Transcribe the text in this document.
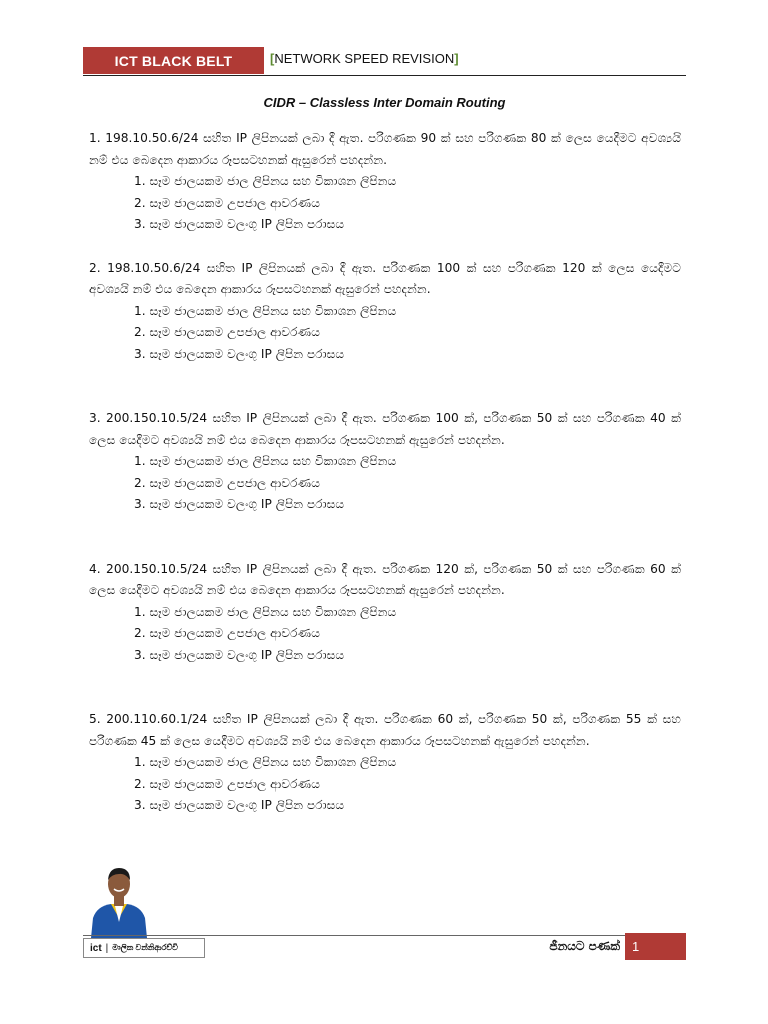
ICT BLACK BELT	[NETWORK SPEED REVISION]
CIDR – Classless Inter Domain Routing

1. 198.10.50.6/24 සහිත IP ලිපිනයක් ලබා දී ඇත. පරිගණක 90 ක් සහ පරිගණක 80 ක් ලෙස යෙදීමට අවශ්‍යයි නම් එය බෙදෙන ආකාරය රූපසටහනක් ඇසුරෙන් පහදන්න.

1. සෑම ජාලයකම ජාල ලිපිනය සහ විකාශන ලිපිනය
2. සෑම ජාලයකම උපජාල ආවරණය
3. සෑම ජාලයකම වලංගු IP ලිපින පරාසය

2. 198.10.50.6/24 සහිත IP ලිපිනයක් ලබා දී ඇත. පරිගණක 100 ක් සහ පරිගණක 120 ක් ලෙස යෙදීමට අවශ්‍යයි නම් එය බෙදෙන ආකාරය රූපසටහනක් ඇසුරෙන් පහදන්න.

1. සෑම ජාලයකම ජාල ලිපිනය සහ විකාශන ලිපිනය
2. සෑම ජාලයකම උපජාල ආවරණය
3. සෑම ජාලයකම වලංගු IP ලිපින පරාසය

3. 200.150.10.5/24 සහිත IP ලිපිනයක් ලබා දී ඇත. පරිගණක 100 ක්, පරිගණක 50 ක් සහ පරිගණක 40 ක් ලෙස යෙදීමට අවශ්‍යයි නම් එය බෙදෙන ආකාරය රූපසටහනක් ඇසුරෙන් පහදන්න.

1. සෑම ජාලයකම ජාල ලිපිනය සහ විකාශන ලිපිනය
2. සෑම ජාලයකම උපජාල ආවරණය
3. සෑම ජාලයකම වලංගු IP ලිපින පරාසය

4. 200.150.10.5/24 සහිත IP ලිපිනයක් ලබා දී ඇත. පරිගණක 120 ක්, පරිගණක 50 ක් සහ පරිගණක 60 ක් ලෙස යෙදීමට අවශ්‍යයි නම් එය බෙදෙන ආකාරය රූපසටහනක් ඇසුරෙන් පහදන්න.

1. සෑම ජාලයකම ජාල ලිපිනය සහ විකාශන ලිපිනය
2. සෑම ජාලයකම උපජාල ආවරණය
3. සෑම ජාලයකම වලංගු IP ලිපින පරාසය

5. 200.110.60.1/24 සහිත IP ලිපිනයක් ලබා දී ඇත. පරිගණක 60 ක්, පරිගණක 50 ක්, පරිගණක 55 ක් සහ පරිගණක 45 ක් ලෙස යෙදීමට අවශ්‍යයි නම් එය බෙදෙන ආකාරය රූපසටහනක් ඇසුරෙන් පහදන්න.

1. සෑම ජාලයකම ජාල ලිපිනය සහ විකාශන ලිපිනය
2. සෑම ජාලයකම උපජාල ආවරණය
3. සෑම ජාලයකම වලංගු IP ලිපින පරාසය
ict | මාලික වන්නිආරච්චි	ජීනයට පණක් 1
